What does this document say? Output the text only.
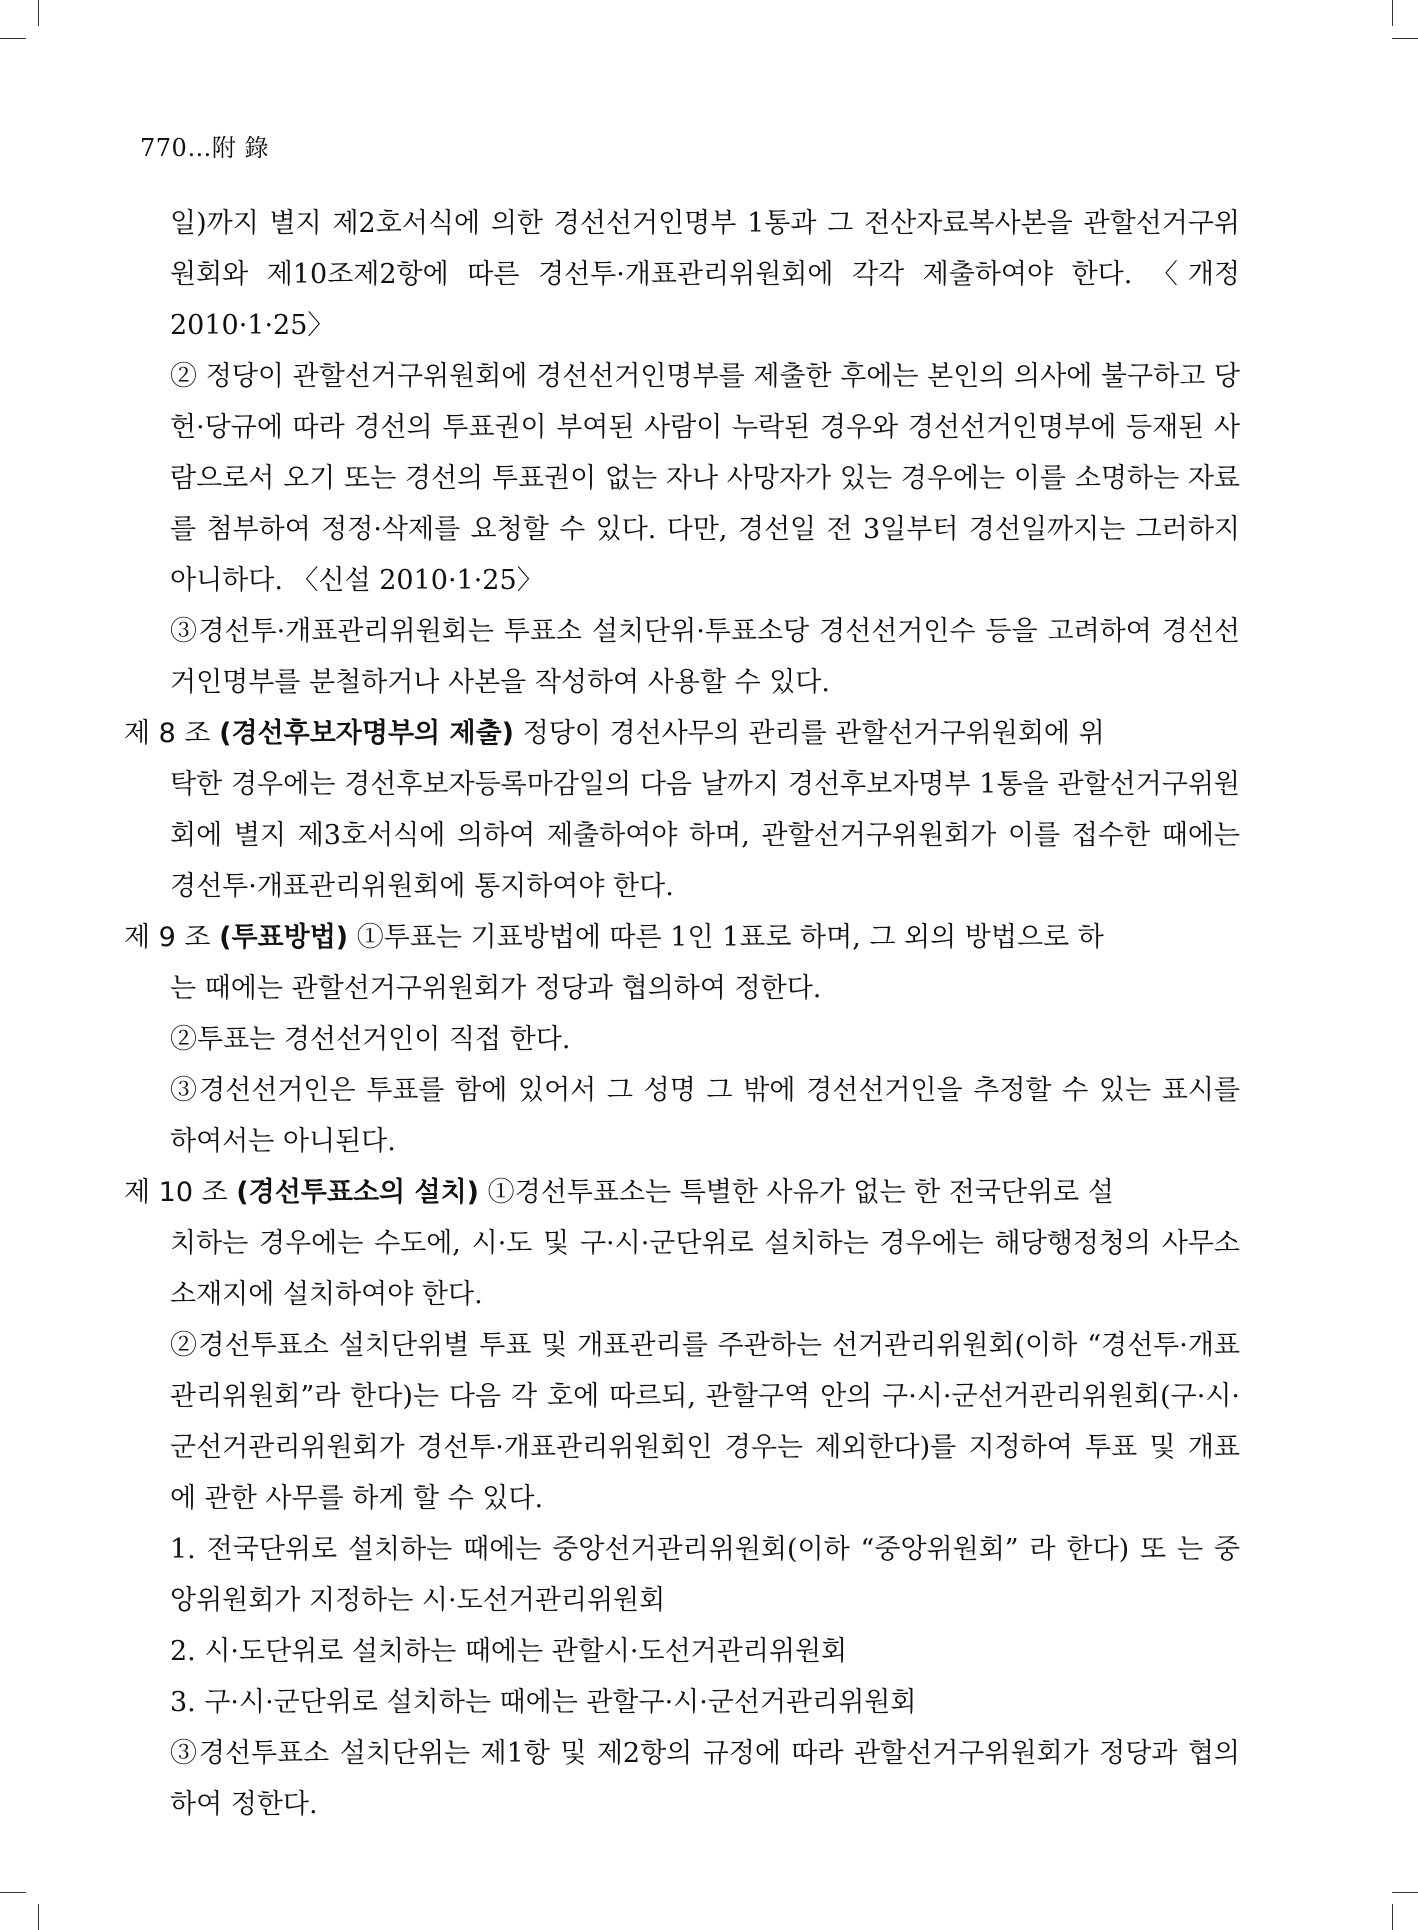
770…附 錄

일)까지 별지 제2호서식에 의한 경선선거인명부 1통과 그 전산자료복사본을 관할선거구위원회와 제10조제2항에 따른 경선투·개표관리위원회에 각각 제출하여야 한다. 〈개정 2010·1·25〉

② 정당이 관할선거구위원회에 경선선거인명부를 제출한 후에는 본인의 의사에 불구하고 당헌·당규에 따라 경선의 투표권이 부여된 사람이 누락된 경우와 경선선거인명부에 등재된 사람으로서 오기 또는 경선의 투표권이 없는 자나 사망자가 있는 경우에는 이를 소명하는 자료를 첨부하여 정정·삭제를 요청할 수 있다. 다만, 경선일 전 3일부터 경선일까지는 그러하지 아니하다. 〈신설 2010·1·25〉

③경선투·개표관리위원회는 투표소 설치단위·투표소당 경선선거인수 등을 고려하여 경선선거인명부를 분철하거나 사본을 작성하여 사용할 수 있다.

제 8 조 (경선후보자명부의 제출) 정당이 경선사무의 관리를 관할선거구위원회에 위
탁한 경우에는 경선후보자등록마감일의 다음 날까지 경선후보자명부 1통을 관할선거구위원회에 별지 제3호서식에 의하여 제출하여야 하며, 관할선거구위원회가 이를 접수한 때에는 경선투·개표관리위원회에 통지하여야 한다.
제 9 조 (투표방법) ①투표는 기표방법에 따른 1인 1표로 하며, 그 외의 방법으로 하
는 때에는 관할선거구위원회가 정당과 협의하여 정한다.

②투표는 경선선거인이 직접 한다.

③경선선거인은 투표를 함에 있어서 그 성명 그 밖에 경선선거인을 추정할 수 있는 표시를 하여서는 아니된다.

제 10 조 (경선투표소의 설치) ①경선투표소는 특별한 사유가 없는 한 전국단위로 설
치하는 경우에는 수도에, 시·도 및 구·시·군단위로 설치하는 경우에는 해당행정청의 사무소 소재지에 설치하여야 한다.

②경선투표소 설치단위별 투표 및 개표관리를 주관하는 선거관리위원회(이하 “경선투·개표관리위원회”라 한다)는 다음 각 호에 따르되, 관할구역 안의 구·시·군선거관리위원회(구·시·군선거관리위원회가 경선투·개표관리위원회인 경우는 제외한다)를 지정하여 투표 및 개표에 관한 사무를 하게 할 수 있다.

1. 전국단위로 설치하는 때에는 중앙선거관리위원회(이하 “중앙위원회” 라 한다) 또 는 중앙위원회가 지정하는 시·도선거관리위원회

2. 시·도단위로 설치하는 때에는 관할시·도선거관리위원회

3. 구·시·군단위로 설치하는 때에는 관할구·시·군선거관리위원회

③경선투표소 설치단위는 제1항 및 제2항의 규정에 따라 관할선거구위원회가 정당과 협의하여 정한다.
